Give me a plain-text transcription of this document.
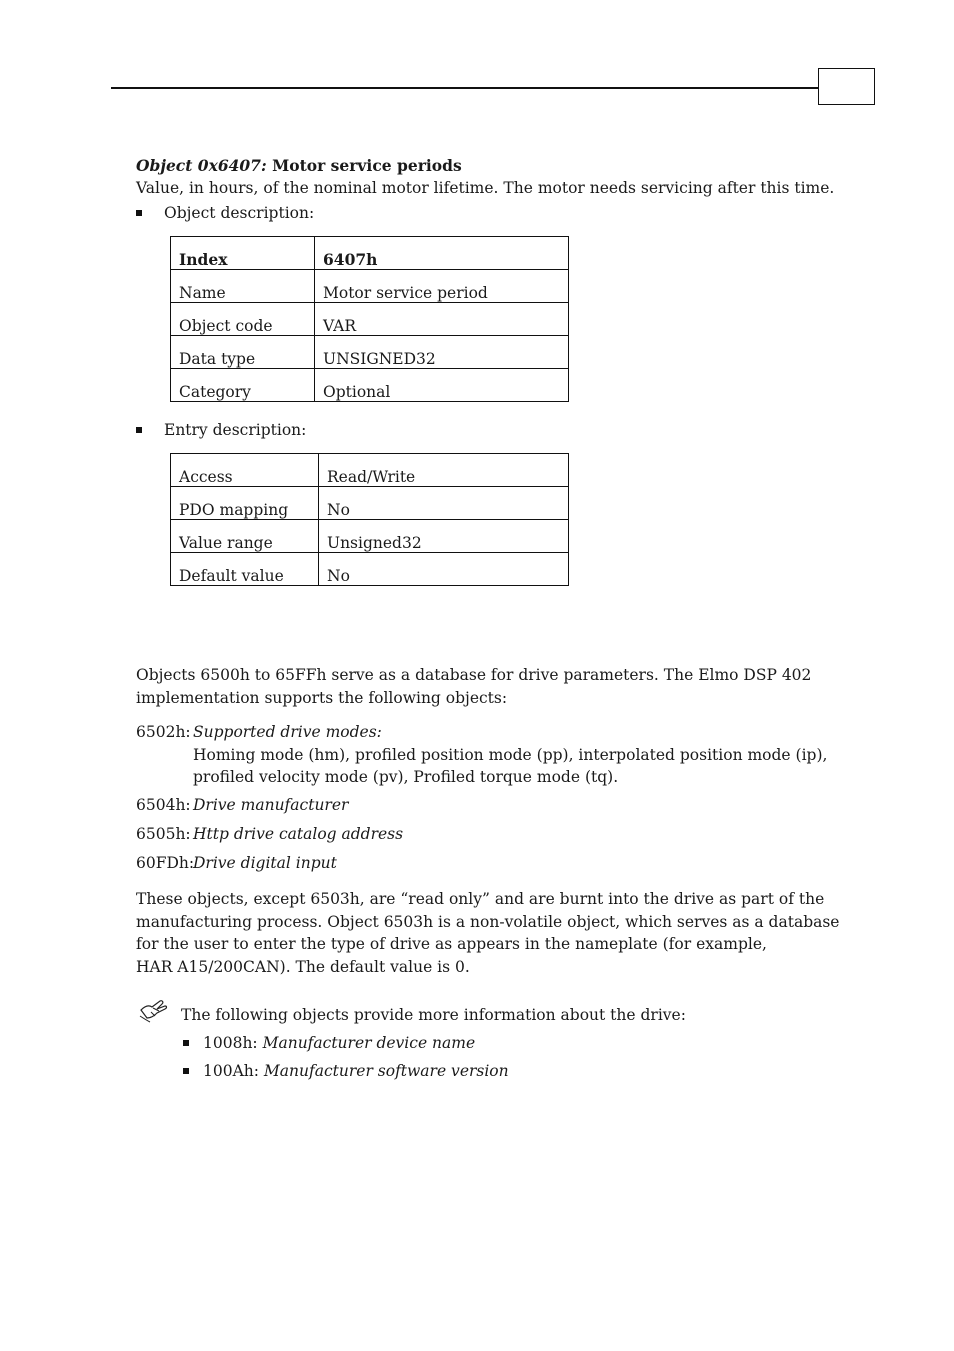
Object 0x6407: Motor service periods
Value, in hours, of the nominal motor lifetime. The motor needs servicing after this time.
Object description:
Index	6407h
Name	Motor service period
Object code	VAR
Data type	UNSIGNED32
Category	Optional
Entry description:
Access	Read/Write
PDO mapping	No
Value range	Unsigned32
Default value	No
Objects 6500h to 65FFh serve as a database for drive parameters. The Elmo DSP 402
implementation supports the following objects:
6502h: Supported drive modes:
Homing mode (hm), profiled position mode (pp), interpolated position mode (ip),
profiled velocity mode (pv), Profiled torque mode (tq).
6504h: Drive manufacturer
6505h: Http drive catalog address
60FDh:
Drive digital input
These objects, except 6503h, are “read only” and are burnt into the drive as part of the
manufacturing process. Object 6503h is a non-volatile object, which serves as a database
for the user to enter the type of drive as appears in the nameplate (for example,
HAR A15/200CAN). The default value is 0.
The following objects provide more information about the drive:
1008h: Manufacturer device name
100Ah: Manufacturer software version
